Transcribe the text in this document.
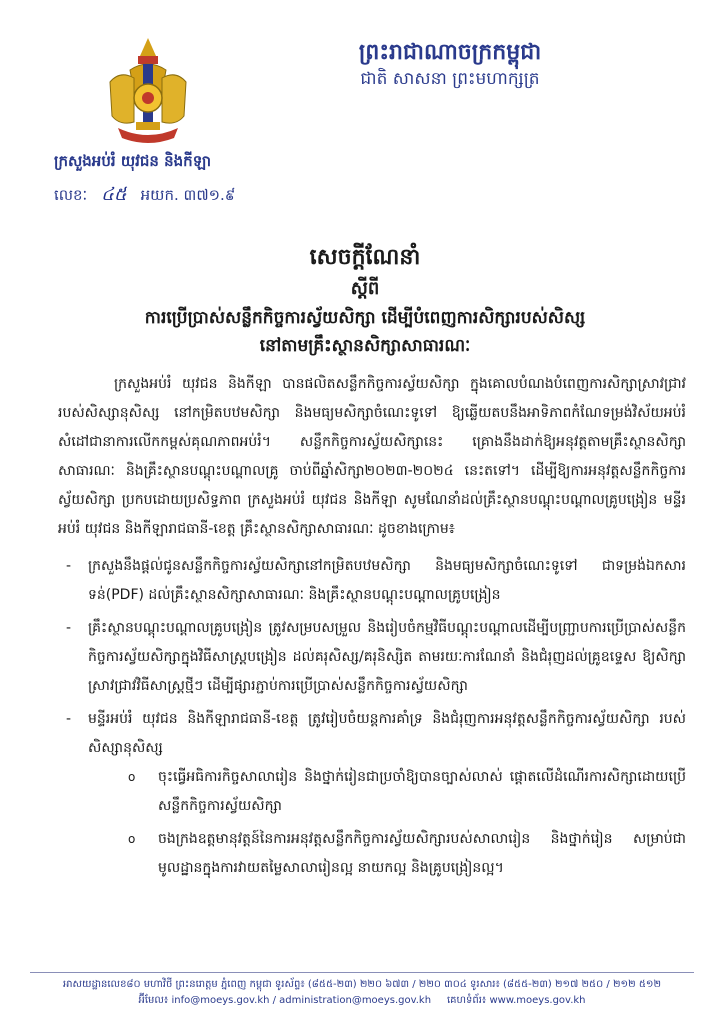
ព្រះរាជាណាចក្រកម្ពុជា
ជាតិ សាសនា ព្រះមហាក្សត្រ
ក្រសួងអប់រំ យុវជន និងកីឡា
លេខៈ ៤៥ អយក. ៣៧១.៩
សេចក្តីណែនាំ
ស្តីពី
ការប្រើប្រាស់សន្លឹកកិច្ចការស្វ័យសិក្សា ដើម្បីបំពេញការសិក្សារបស់សិស្ស
នៅតាមគ្រឹះស្ថានសិក្សាសាធារណៈ

ក្រសួងអប់រំ យុវជន និងកីឡា បានផលិតសន្លឹកកិច្ចការស្វ័យសិក្សា ក្នុងគោលបំណងបំពេញការសិក្សាស្រាវជ្រាវរបស់សិស្សានុសិស្ស នៅកម្រិតបឋមសិក្សា និងមធ្យមសិក្សាចំណេះទូទៅ ឱ្យឆ្លើយតបនឹងអាទិភាពកំណែទម្រង់វិស័យអប់រំ សំដៅជានាការលើកកម្ពស់គុណភាពអប់រំ។ សន្លឹកកិច្ចការស្វ័យសិក្សានេះ គ្រោងនឹងដាក់ឱ្យអនុវត្តតាមគ្រឹះស្ថានសិក្សាសាធារណៈ និងគ្រឹះស្ថានបណ្តុះបណ្តាលគ្រូ ចាប់ពីឆ្នាំសិក្សា២០២៣-២០២៤ នេះតទៅ។ ដើម្បីឱ្យការអនុវត្តសន្លឹកកិច្ចការស្វ័យសិក្សា ប្រកបដោយប្រសិទ្ធភាព ក្រសួងអប់រំ យុវជន និងកីឡា សូមណែនាំដល់គ្រឹះស្ថានបណ្តុះបណ្តាលគ្រូបង្រៀន មន្ទីរអប់រំ យុវជន និងកីឡារាជធានី-ខេត្ត គ្រឹះស្ថានសិក្សាសាធារណៈ ដូចខាងក្រោម៖

- ក្រសួងនឹងផ្តល់ជូនសន្លឹកកិច្ចការស្វ័យសិក្សានៅកម្រិតបឋមសិក្សា និងមធ្យមសិក្សាចំណេះទូទៅ ជាទម្រង់ឯកសារទន់(PDF) ដល់គ្រឹះស្ថានសិក្សាសាធារណៈ និងគ្រឹះស្ថានបណ្តុះបណ្តាលគ្រូបង្រៀន
- គ្រឹះស្ថានបណ្តុះបណ្តាលគ្រូបង្រៀន ត្រូវសម្របសម្រួល និងរៀបចំកម្មវិធីបណ្តុះបណ្តាលដើម្បីបញ្ជ្រាបការប្រើប្រាស់សន្លឹកកិច្ចការស្វ័យសិក្សាក្នុងវិធីសាស្ត្របង្រៀន ដល់គរុសិស្ស/គរុនិស្សិត តាមរយៈការណែនាំ និងជំរុញដល់គ្រូឧទ្ទេស ឱ្យសិក្សាស្រាវជ្រាវវិធីសាស្ត្រថ្មីៗ ដើម្បីផ្សារភ្ជាប់ការប្រើប្រាស់សន្លឹកកិច្ចការស្វ័យសិក្សា
- មន្ទីរអប់រំ យុវជន និងកីឡារាជធានី-ខេត្ត ត្រូវរៀបចំយន្តការគាំទ្រ និងជំរុញការអនុវត្តសន្លឹកកិច្ចការស្វ័យសិក្សា របស់សិស្សានុសិស្ស
o ចុះធ្វើអធិការកិច្ចសាលារៀន និងថ្នាក់រៀនជាប្រចាំឱ្យបានច្បាស់លាស់ ផ្តោតលើដំណើរការសិក្សាដោយប្រើសន្លឹកកិច្ចការស្វ័យសិក្សា
o ចងក្រងឧត្តមានុវត្តន៍នៃការអនុវត្តសន្លឹកកិច្ចការស្វ័យសិក្សារបស់សាលារៀន និងថ្នាក់រៀន សម្រាប់ជាមូលដ្ឋានក្នុងការវាយតម្លៃសាលារៀនល្អ នាយកល្អ និងគ្រូបង្រៀនល្អ។
អាសយដ្ឋានលេខ៨០ មហាវិថី ព្រះនរោត្តម ភ្នំពេញ កម្ពុជា ទូរស័ព្ទ៖ (៨៥៥-២៣) ២២០ ៦៧៣ / ២២០ ៣០៤ ទូរសារ៖ (៨៥៥-២៣) ២១៧ ២៥០ / ២១២ ៥១២
អ៊ីមែល៖ info@moeys.gov.kh / administration@moeys.gov.kh គេហទំព័រ៖ www.moeys.gov.kh
